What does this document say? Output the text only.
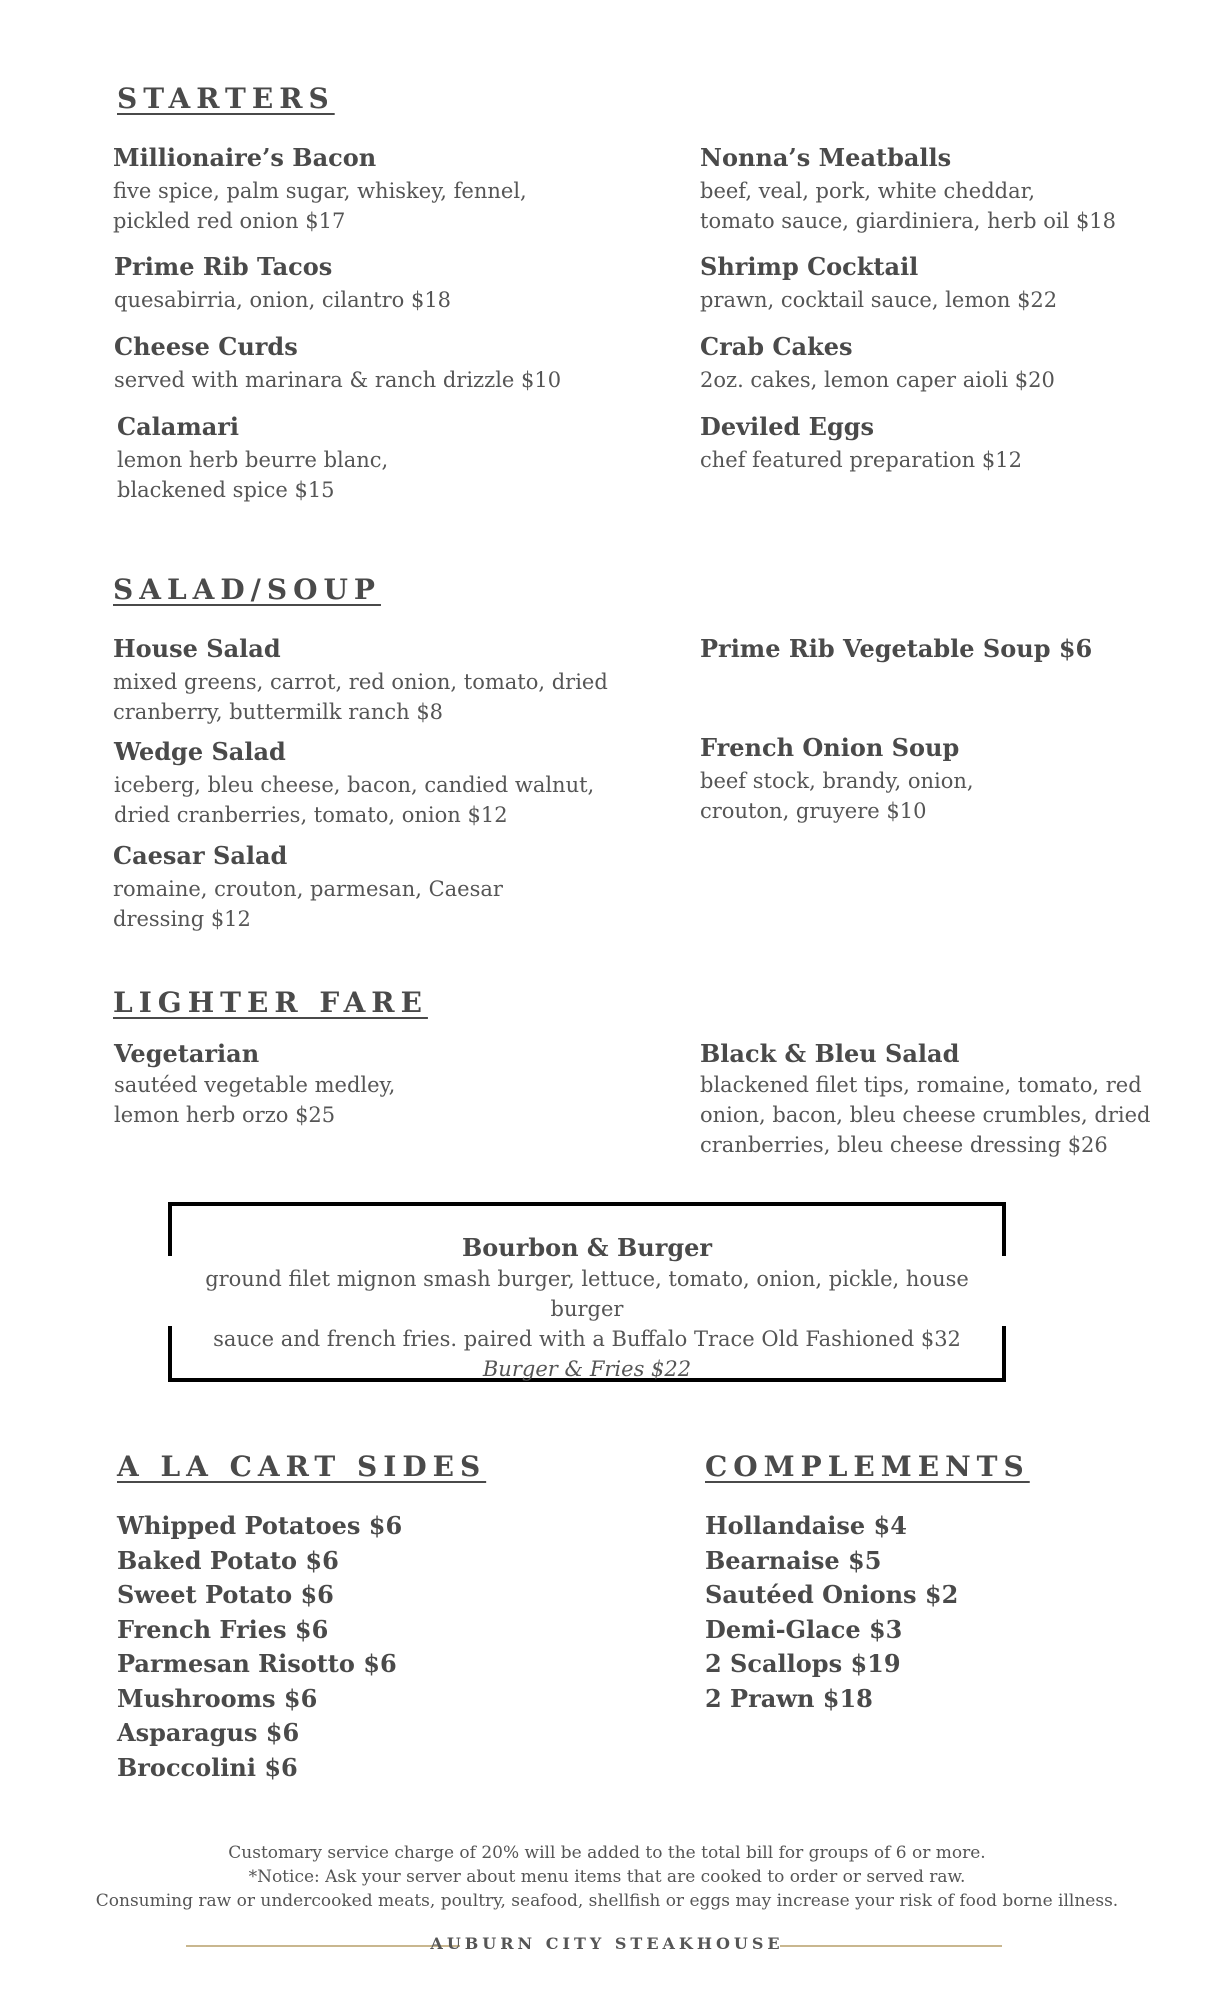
STARTERS
Millionaire’s Bacon
five spice, palm sugar, whiskey, fennel,
pickled red onion $17
Prime Rib Tacos
quesabirria, onion, cilantro $18
Cheese Curds
served with marinara & ranch drizzle $10
Calamari
lemon herb beurre blanc,
blackened spice $15
Nonna’s Meatballs
beef, veal, pork, white cheddar,
tomato sauce, giardiniera, herb oil $18
Shrimp Cocktail
prawn, cocktail sauce, lemon $22
Crab Cakes
2oz. cakes, lemon caper aioli $20
Deviled Eggs
chef featured preparation $12
SALAD/SOUP
House Salad
mixed greens, carrot, red onion, tomato, dried
cranberry, buttermilk ranch $8
Wedge Salad
iceberg, bleu cheese, bacon, candied walnut,
dried cranberries, tomato, onion $12
Caesar Salad
romaine, crouton, parmesan, Caesar
dressing $12
Prime Rib Vegetable Soup $6
French Onion Soup
beef stock, brandy, onion,
crouton, gruyere $10
LIGHTER FARE
Vegetarian
sautéed vegetable medley,
lemon herb orzo $25
Black & Bleu Salad
blackened filet tips, romaine, tomato, red
onion, bacon, bleu cheese crumbles, dried
cranberries, bleu cheese dressing $26
Bourbon & Burger
ground filet mignon smash burger, lettuce, tomato, onion, pickle, house burger
sauce and french fries. paired with a Buffalo Trace Old Fashioned $32
Burger & Fries $22
A LA CART SIDES
Whipped Potatoes $6
Baked Potato $6
Sweet Potato $6
French Fries $6
Parmesan Risotto $6
Mushrooms $6
Asparagus $6
Broccolini $6
COMPLEMENTS
Hollandaise $4
Bearnaise $5
Sautéed Onions $2
Demi-Glace $3
2 Scallops $19
2 Prawn $18
Customary service charge of 20% will be added to the total bill for groups of 6 or more.
*Notice: Ask your server about menu items that are cooked to order or served raw.
Consuming raw or undercooked meats, poultry, seafood, shellfish or eggs may increase your risk of food borne illness.
AUBURN CITY STEAKHOUSE
